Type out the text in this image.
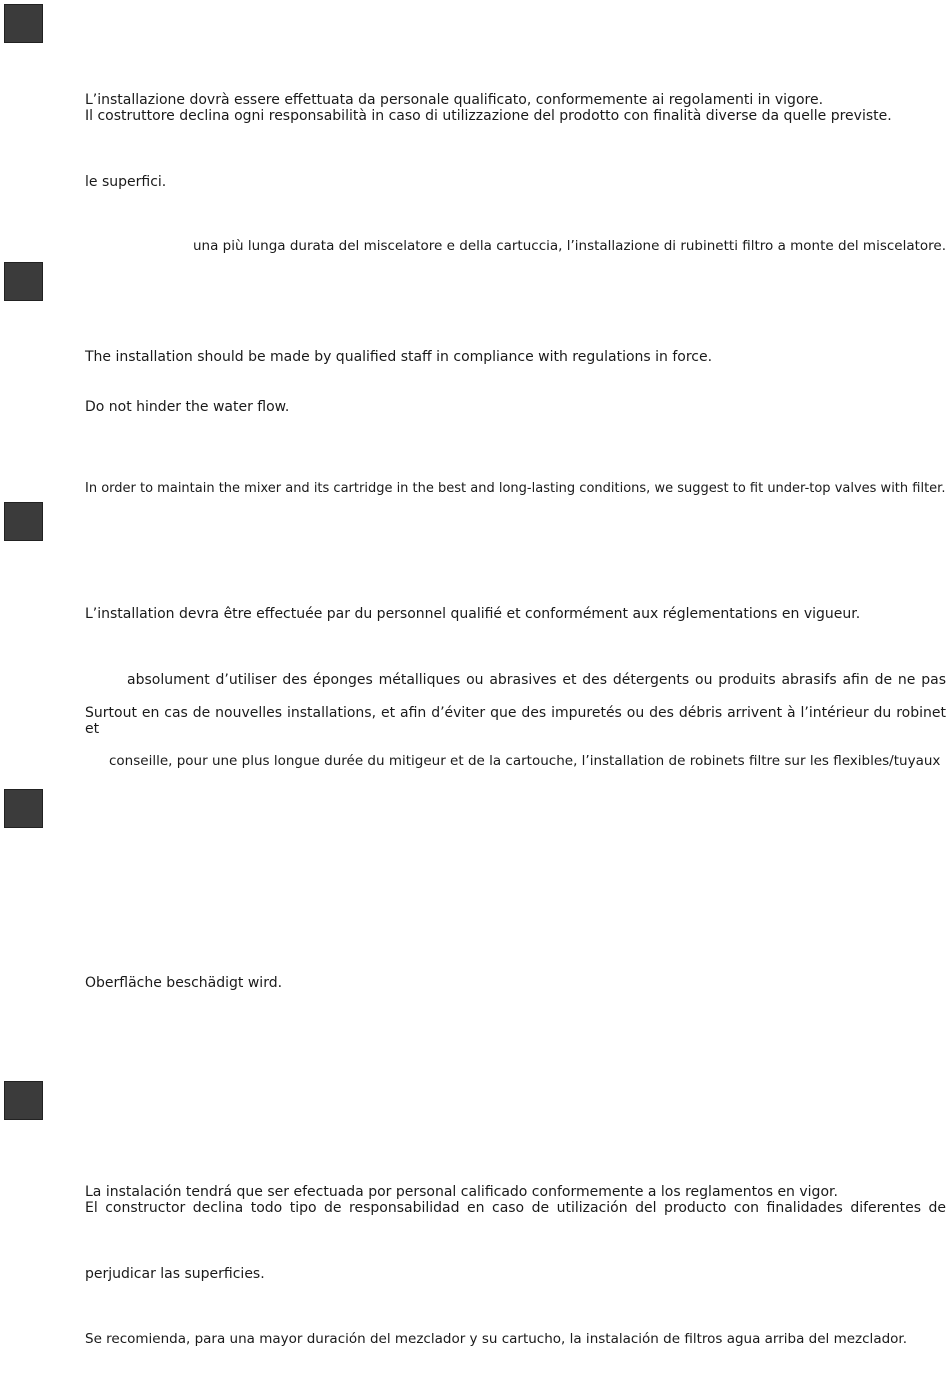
L’installazione dovrà essere effettuata da personale qualificato, conformemente ai regolamenti in vigore.
Il costruttore declina ogni responsabilità in caso di utilizzazione del prodotto con finalità diverse da quelle previste.
le superfici.
una più lunga durata del miscelatore e della cartuccia, l’installazione di rubinetti filtro a monte del miscelatore.
The installation should be made by qualified staff in compliance with regulations in force.
Do not hinder the water flow.
In order to maintain the mixer and its cartridge in the best and long-lasting conditions, we suggest to fit under-top valves with filter.
L’installation devra être effectuée par du personnel qualifié et conformément aux réglementations en vigueur.
absolument d’utiliser des éponges métalliques ou abrasives et des détergents ou produits abrasifs afin de ne pas
Surtout en cas de nouvelles installations, et afin d’éviter que des impuretés ou des débris arrivent à l’intérieur du robinet et
conseille, pour une plus longue durée du mitigeur et de la cartouche, l’installation de robinets filtre sur les flexibles/tuyaux
Oberfläche beschädigt wird.
La instalación tendrá que ser efectuada por personal calificado conformemente a los reglamentos en vigor.
El constructor declina todo tipo de responsabilidad en caso de utilización del producto con finalidades diferentes de
perjudicar las superficies.
Se recomienda, para una mayor duración del mezclador y su cartucho, la instalación de filtros agua arriba del mezclador.
